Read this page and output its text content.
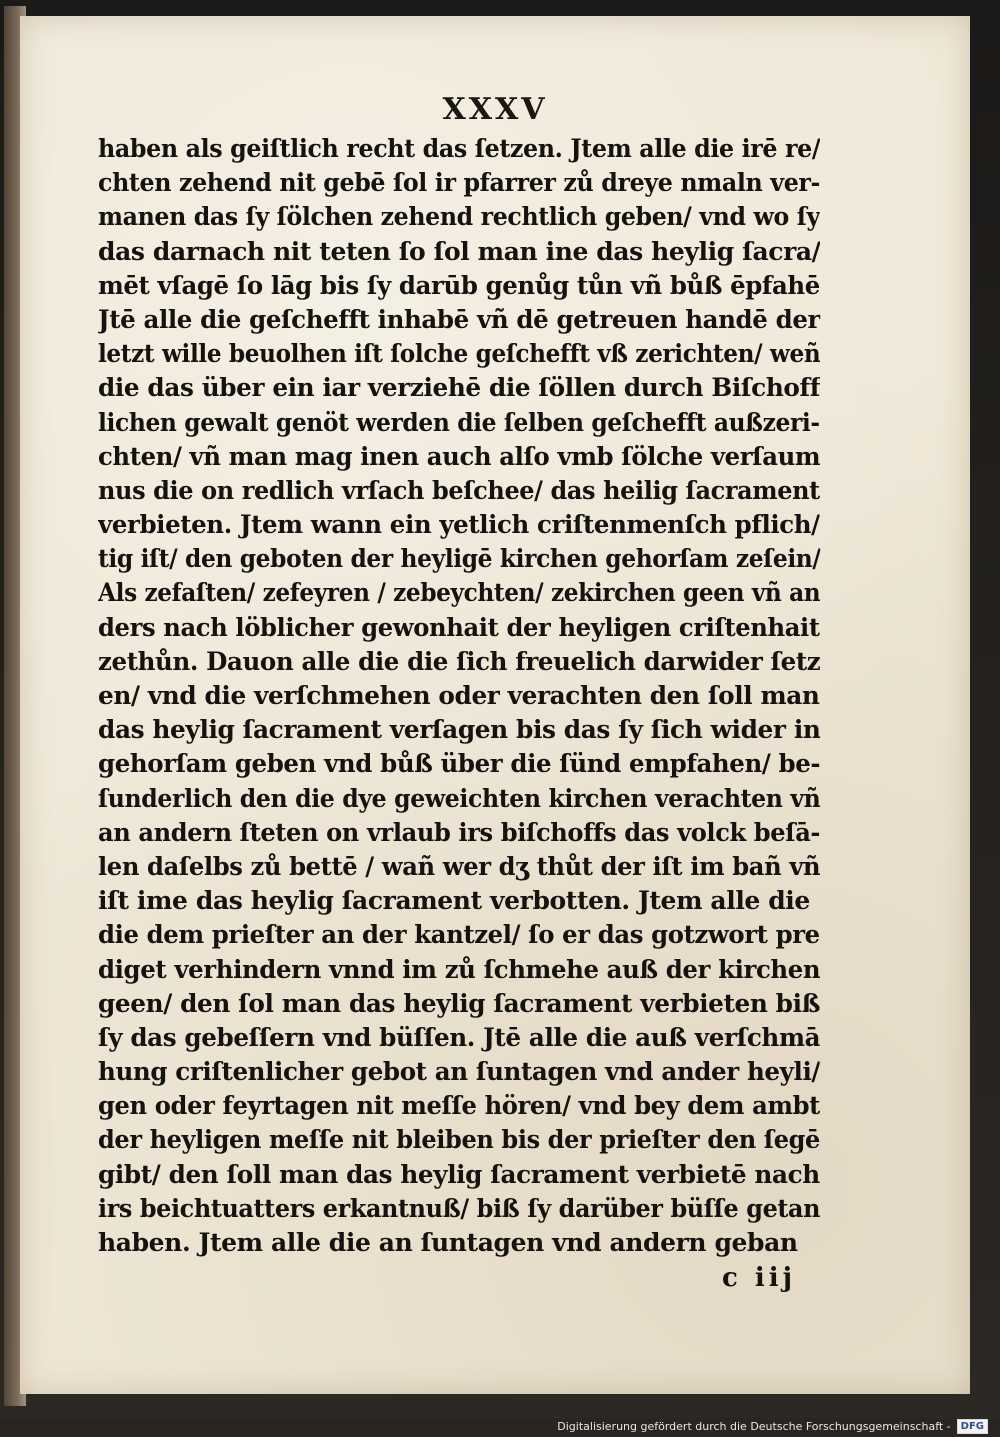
XXXV
haben als geiſtlich recht das ſetzen. Jtem alle die irē re/
chten zehend nit gebē ſol ir pfarrer zů dreye nmaln ver-
manen das ſy ſölchen zehend rechtlich geben/ vnd wo ſy
das darnach nit teten ſo ſol man ine das heylig ſacra/
mēt vſagē ſo lāg bis ſy darūb genůg tůn vñ bůß ēpfahē
Jtē alle die geſchefft inhabē vñ dē getreuen handē der
letzt wille beuolhen iſt ſolche geſchefft vß zerichten/ weñ
die das über ein iar verziehē die ſöllen durch Biſchoff
lichen gewalt genöt werden die ſelben geſchefft außzeri-
chten/ vñ man mag inen auch alſo vmb ſölche verſaum
nus die on redlich vrſach beſchee/ das heilig ſacrament
verbieten. Jtem wann ein yetlich criſtenmenſch pflich/
tig iſt/ den geboten der heyligē kirchen gehorſam zeſein/
Als zefaſten/ zefeyren / zebeychten/ zekirchen geen vñ an
ders nach löblicher gewonhait der heyligen criſtenhait
zethůn. Dauon alle die die ſich freuelich darwider ſetz
en/ vnd die verſchmehen oder verachten den ſoll man
das heylig ſacrament verſagen bis das ſy ſich wider in
gehorſam geben vnd bůß über die ſünd empfahen/ be-
ſunderlich den die dye geweichten kirchen verachten vñ
an andern ſteten on vrlaub irs biſchoffs das volck beſā-
len daſelbs zů bettē / wañ wer dʒ thůt der iſt im bañ vñ
iſt ime das heylig ſacrament verbotten. Jtem alle die
die dem prieſter an der kantzel/ ſo er das gotzwort pre
diget verhindern vnnd im zů ſchmehe auß der kirchen
geen/ den ſol man das heylig ſacrament verbieten biß
ſy das gebeſſern vnd büſſen. Jtē alle die auß verſchmā
hung criſtenlicher gebot an ſuntagen vnd ander heyli/
gen oder feyrtagen nit meſſe hören/ vnd bey dem ambt
der heyligen meſſe nit bleiben bis der prieſter den ſegē
gibt/ den ſoll man das heylig ſacrament verbietē nach
irs beichtuatters erkantnuß/ biß ſy darüber büſſe getan
haben. Jtem alle die an ſuntagen vnd andern geban
c iij
Digitalisierung gefördert durch die Deutsche Forschungsgemeinschaft -	DFG
